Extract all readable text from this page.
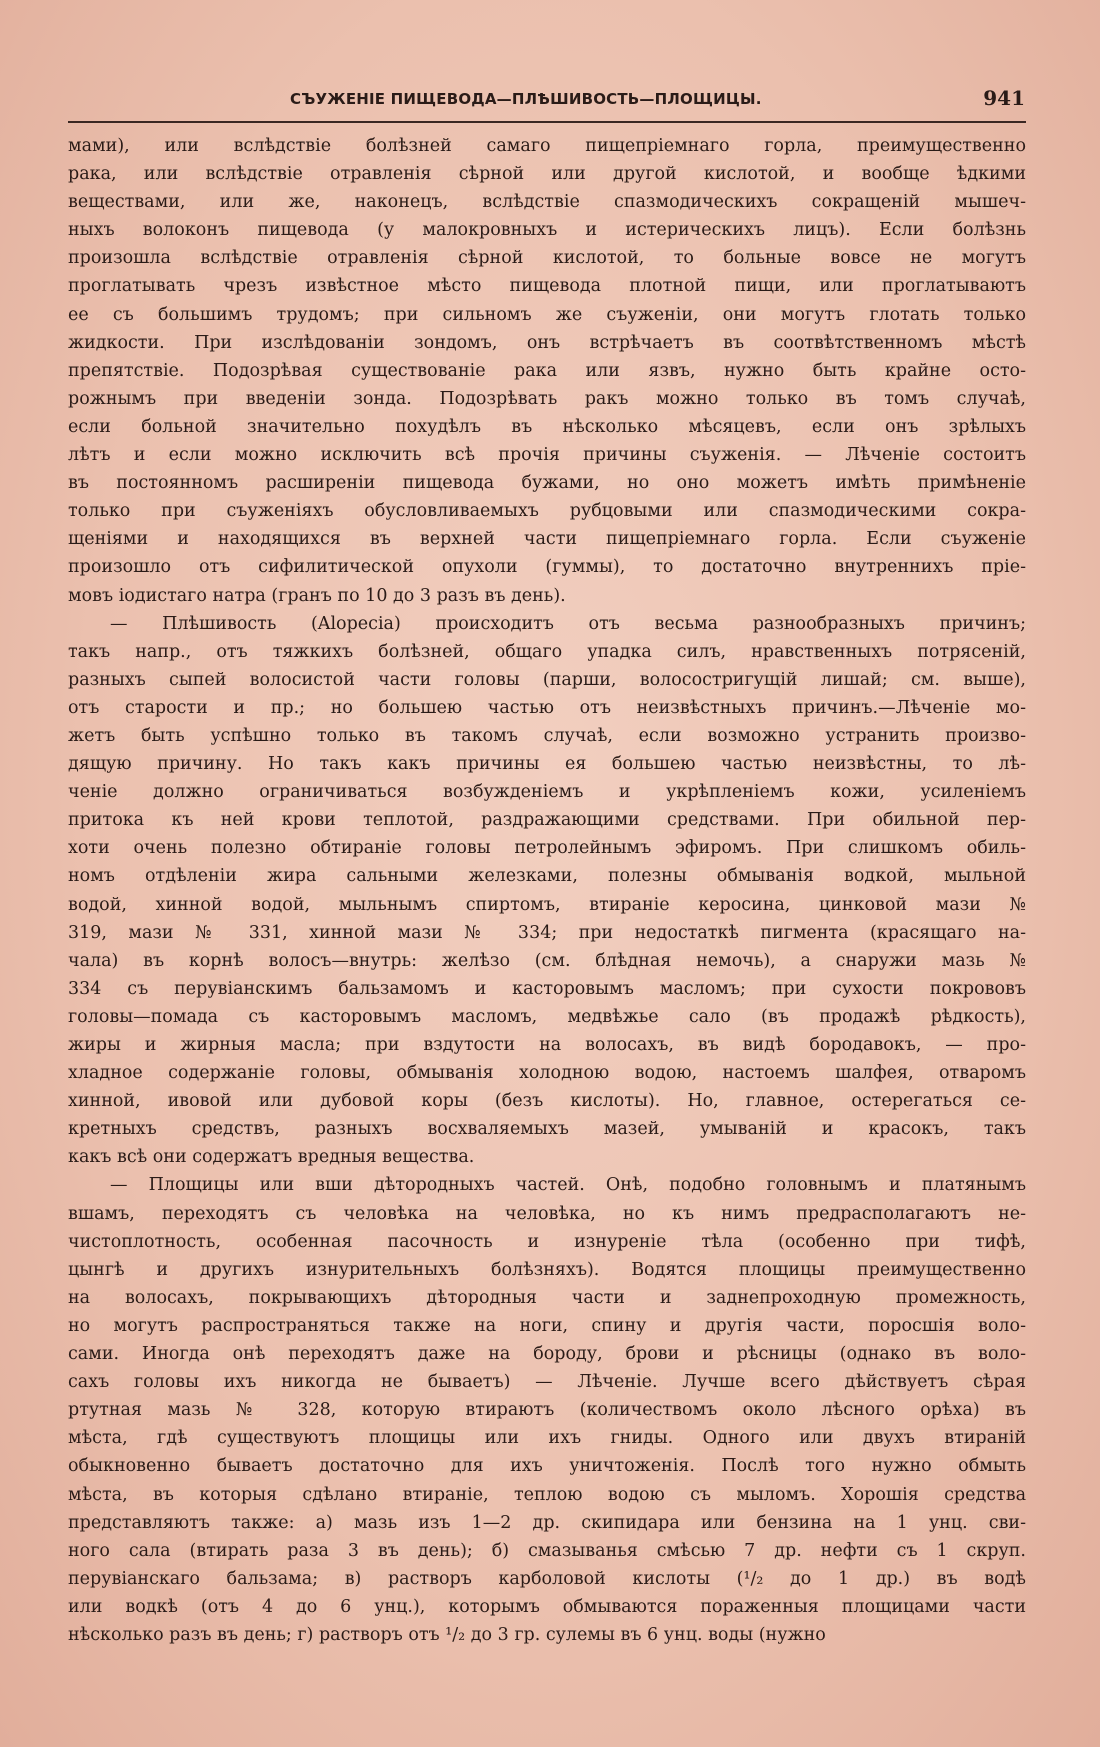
СЪУЖЕНІЕ ПИЩЕВОДА—ПЛѢШИВОСТЬ—ПЛОЩИЦЫ.	941
мами), или вслѣдствіе болѣзней самаго пищепріемнаго горла, преимущественно
рака, или вслѣдствіе отравленія сѣрной или другой кислотой, и вообще ѣдкими
веществами, или же, наконецъ, вслѣдствіе спазмодическихъ сокращеній мышеч-
ныхъ волоконъ пищевода (у малокровныхъ и истерическихъ лицъ). Если болѣзнь
произошла вслѣдствіе отравленія сѣрной кислотой, то больные вовсе не могутъ
проглатывать чрезъ извѣстное мѣсто пищевода плотной пищи, или проглатываютъ
ее съ большимъ трудомъ; при сильномъ же съуженіи, они могутъ глотать только
жидкости. При изслѣдованіи зондомъ, онъ встрѣчаетъ въ соотвѣтственномъ мѣстѣ
препятствіе. Подозрѣвая существованіе рака или язвъ, нужно быть крайне осто-
рожнымъ при введеніи зонда. Подозрѣвать ракъ можно только въ томъ случаѣ,
если больной значительно похудѣлъ въ нѣсколько мѣсяцевъ, если онъ зрѣлыхъ
лѣтъ и если можно исключить всѣ прочія причины съуженія. — Лѣченіе состоитъ
въ постоянномъ расширеніи пищевода бужами, но оно можетъ имѣть примѣненіе
только при съуженіяхъ обусловливаемыхъ рубцовыми или спазмодическими сокра-
щеніями и находящихся въ верхней части пищепріемнаго горла. Если съуженіе
произошло отъ сифилитической опухоли (гуммы), то достаточно внутреннихъ пріе-
мовъ іодистаго натра (гранъ по 10 до 3 разъ въ день).
— Плѣшивость (Alopecia) происходитъ отъ весьма разнообразныхъ причинъ;
такъ напр., отъ тяжкихъ болѣзней, общаго упадка силъ, нравственныхъ потрясеній,
разныхъ сыпей волосистой части головы (парши, волосостригущій лишай; см. выше),
отъ старости и пр.; но большею частью отъ неизвѣстныхъ причинъ.—Лѣченіе мо-
жетъ быть успѣшно только въ такомъ случаѣ, если возможно устранить произво-
дящую причину. Но такъ какъ причины ея большею частью неизвѣстны, то лѣ-
ченіе должно ограничиваться возбужденіемъ и укрѣпленіемъ кожи, усиленіемъ
притока къ ней крови теплотой, раздражающими средствами. При обильной пер-
хоти очень полезно обтираніе головы петролейнымъ эфиромъ. При слишкомъ обиль-
номъ отдѣленіи жира сальными железками, полезны обмыванія водкой, мыльной
водой, хинной водой, мыльнымъ спиртомъ, втираніе керосина, цинковой мази №
319, мази № 331, хинной мази № 334; при недостаткѣ пигмента (красящаго на-
чала) въ корнѣ волосъ—внутрь: желѣзо (см. блѣдная немочь), а снаружи мазь №
334 съ перувіанскимъ бальзамомъ и касторовымъ масломъ; при сухости покрововъ
головы—помада съ касторовымъ масломъ, медвѣжье сало (въ продажѣ рѣдкость),
жиры и жирныя масла; при вздутости на волосахъ, въ видѣ бородавокъ, — про-
хладное содержаніе головы, обмыванія холодною водою, настоемъ шалфея, отваромъ
хинной, ивовой или дубовой коры (безъ кислоты). Но, главное, остерегаться се-
кретныхъ средствъ, разныхъ восхваляемыхъ мазей, умываній и красокъ, такъ
какъ всѣ они содержатъ вредныя вещества.
— Площицы или вши дѣтородныхъ частей. Онѣ, подобно головнымъ и платянымъ
вшамъ, переходятъ съ человѣка на человѣка, но къ нимъ предрасполагаютъ не-
чистоплотность, особенная пасочность и изнуреніе тѣла (особенно при тифѣ,
цынгѣ и другихъ изнурительныхъ болѣзняхъ). Водятся площицы преимущественно
на волосахъ, покрывающихъ дѣтородныя части и заднепроходную промежность,
но могутъ распространяться также на ноги, спину и другія части, поросшія воло-
сами. Иногда онѣ переходятъ даже на бороду, брови и рѣсницы (однако въ воло-
сахъ головы ихъ никогда не бываетъ) — Лѣченіе. Лучше всего дѣйствуетъ сѣрая
ртутная мазь № 328, которую втираютъ (количествомъ около лѣсного орѣха) въ
мѣста, гдѣ существуютъ площицы или ихъ гниды. Одного или двухъ втираній
обыкновенно бываетъ достаточно для ихъ уничтоженія. Послѣ того нужно обмыть
мѣста, въ которыя сдѣлано втираніе, теплою водою съ мыломъ. Хорошія средства
представляютъ также: а) мазь изъ 1—2 др. скипидара или бензина на 1 унц. сви-
ного сала (втирать раза 3 въ день); б) смазыванья смѣсью 7 др. нефти съ 1 скруп.
перувіанскаго бальзама; в) растворъ карболовой кислоты (¹/₂ до 1 др.) въ водѣ
или водкѣ (отъ 4 до 6 унц.), которымъ обмываются пораженныя площицами части
нѣсколько разъ въ день; г) растворъ отъ ¹/₂ до 3 гр. сулемы въ 6 унц. воды (нужно
